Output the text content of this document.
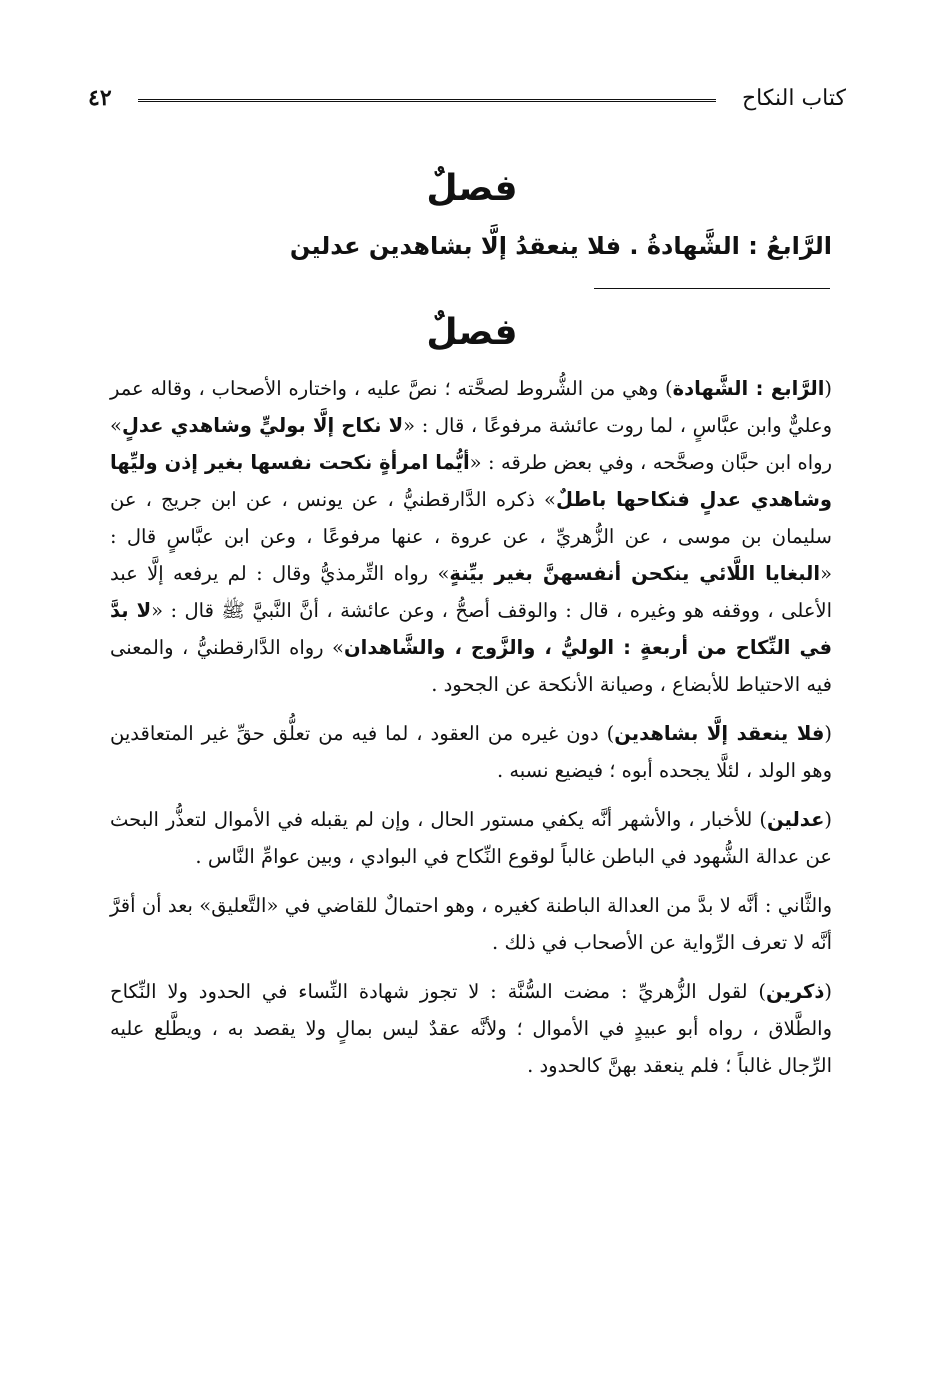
٤٢	كتاب النكاح
فصلٌ
الرَّابعُ : الشَّهادةُ . فلا ينعقدُ إلَّا بشاهدين عدلين
فصلٌ

(الرَّابع : الشَّهادة) وهي من الشُّروط لصحَّته ؛ نصَّ عليه ، واختاره الأصحاب ، وقاله عمر وعليٌّ وابن عبَّاسٍ ، لما روت عائشة مرفوعًا ، قال : «لا نكاح إلَّا بوليٍّ وشاهدي عدلٍ» رواه ابن حبَّان وصحَّحه ، وفي بعض طرقه : «أيُّما امرأةٍ نكحت نفسها بغير إذن وليِّها وشاهدي عدلٍ فنكاحها باطلٌ» ذكره الدَّارقطنيُّ ، عن يونس ، عن ابن جريج ، عن سليمان بن موسى ، عن الزُّهريِّ ، عن عروة ، عنها مرفوعًا ، وعن ابن عبَّاسٍ قال : «البغايا اللَّائي ينكحن أنفسهنَّ بغير بيِّنةٍ» رواه التِّرمذيُّ وقال : لم يرفعه إلَّا عبد الأعلى ، ووقفه هو وغيره ، قال : والوقف أصحُّ ، وعن عائشة ، أنَّ النَّبيَّ ﷺ قال : «لا بدَّ في النِّكاح من أربعةٍ : الوليُّ ، والزَّوج ، والشَّاهدان» رواه الدَّارقطنيُّ ، والمعنى فيه الاحتياط للأبضاع ، وصيانة الأنكحة عن الجحود .

(فلا ينعقد إلَّا بشاهدين) دون غيره من العقود ، لما فيه من تعلُّق حقِّ غير المتعاقدين وهو الولد ، لئلَّا يجحده أبوه ؛ فيضيع نسبه .

(عدلين) للأخبار ، والأشهر أنَّه يكفي مستور الحال ، وإن لم يقبله في الأموال لتعذُّر البحث عن عدالة الشُّهود في الباطن غالباً لوقوع النِّكاح في البوادي ، وبين عوامِّ النَّاس .

والثَّاني : أنَّه لا بدَّ من العدالة الباطنة كغيره ، وهو احتمالٌ للقاضي في «التَّعليق» بعد أن أقرَّ أنَّه لا تعرف الرِّواية عن الأصحاب في ذلك .

(ذكرين) لقول الزُّهريِّ : مضت السُّنَّة : لا تجوز شهادة النِّساء في الحدود ولا النِّكاح والطَّلاق ، رواه أبو عبيدٍ في الأموال ؛ ولأنَّه عقدٌ ليس بمالٍ ولا يقصد به ، ويطَّلع عليه الرِّجال غالباً ؛ فلم ينعقد بهنَّ كالحدود .
